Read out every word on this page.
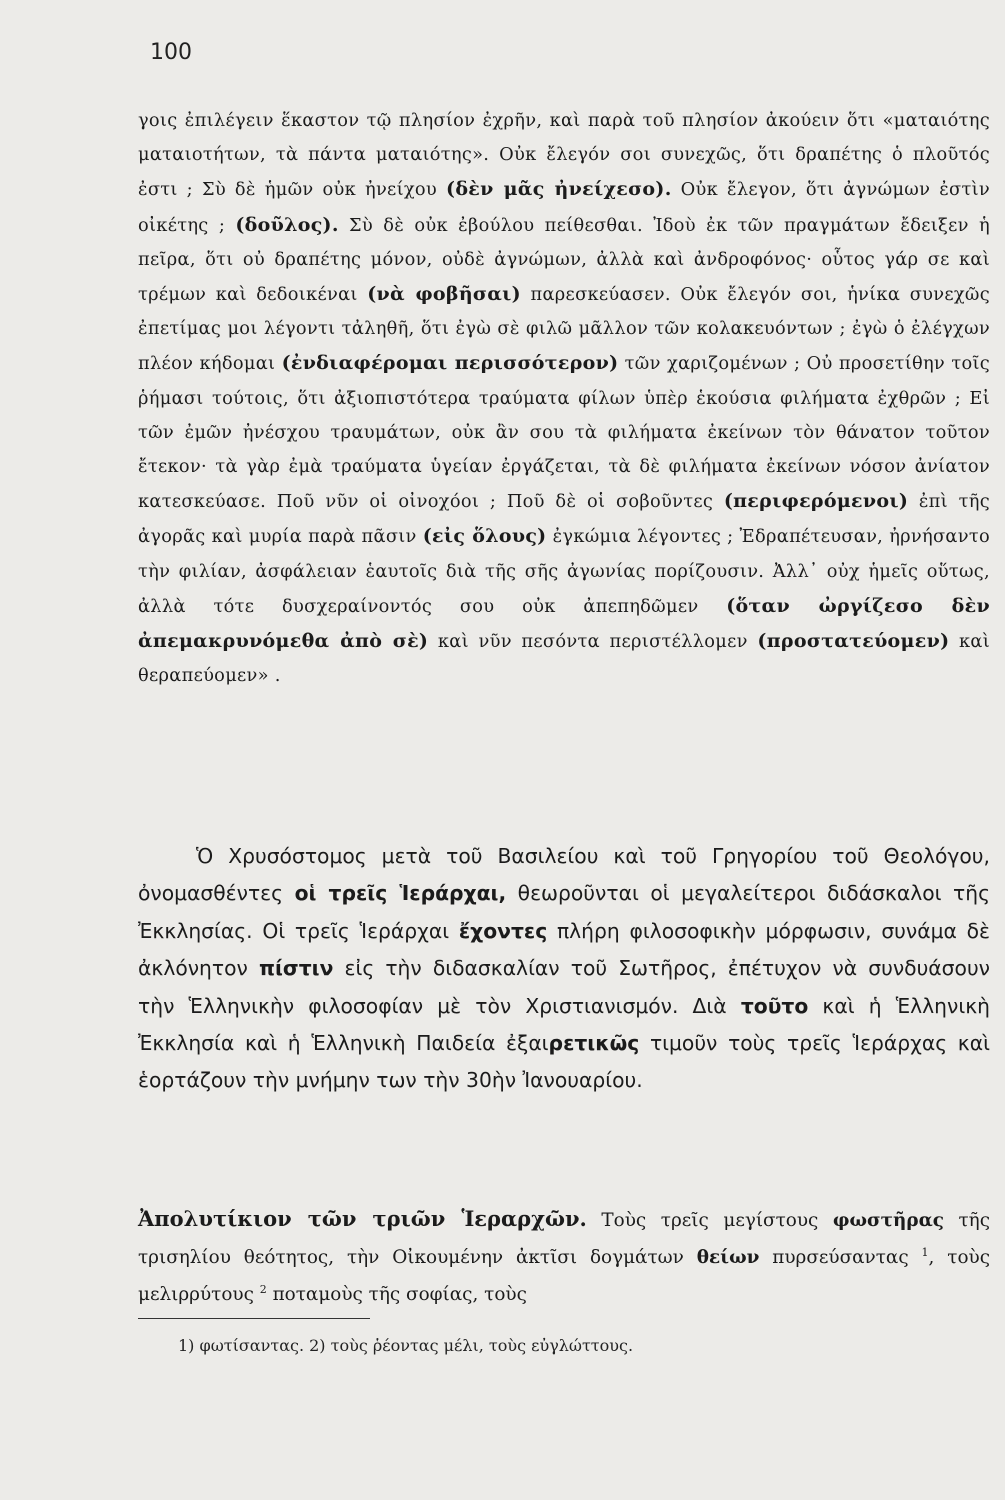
100
γοις ἐπιλέγειν ἕκαστον τῷ πλησίον ἐχρῆν, καὶ παρὰ τοῦ πλησίον ἀκούειν ὅτι «ματαιότης ματαιοτήτων, τὰ πάντα ματαιότης». Οὐκ ἔλεγόν σοι συνεχῶς, ὅτι δραπέτης ὁ πλοῦτός ἐστι ; Σὺ δὲ ἡμῶν οὐκ ἠνείχου (δὲν μᾶς ἠνείχεσο). Οὐκ ἔλεγον, ὅτι ἀγνώμων ἐστὶν οἰκέτης ; (δοῦλος). Σὺ δὲ οὐκ ἐβούλου πείθεσθαι. Ἰδοὺ ἐκ τῶν πραγμάτων ἔδειξεν ἡ πεῖρα, ὅτι οὐ δραπέτης μόνον, οὐδὲ ἀγνώμων, ἀλλὰ καὶ ἀνδροφόνος· οὗτος γάρ σε καὶ τρέμων καὶ δεδοικέναι (νὰ φοβῆσαι) παρεσκεύασεν. Οὐκ ἔλεγόν σοι, ἡνίκα συνεχῶς ἐπετίμας μοι λέγοντι τἀληθῆ, ὅτι ἐγὼ σὲ φιλῶ μᾶλλον τῶν κολακευόντων ; ἐγὼ ὁ ἐλέγχων πλέον κήδομαι (ἐνδιαφέρομαι περισσότερον) τῶν χαριζομένων ; Οὐ προσετίθην τοῖς ῥήμασι τούτοις, ὅτι ἀξιοπιστότερα τραύματα φίλων ὑπὲρ ἑκούσια φιλήματα ἐχθρῶν ; Εἰ τῶν ἐμῶν ἠνέσχου τραυμάτων, οὐκ ἂν σου τὰ φιλήματα ἐκείνων τὸν θάνατον τοῦτον ἔτεκον· τὰ γὰρ ἐμὰ τραύματα ὑγείαν ἐργάζεται, τὰ δὲ φιλήματα ἐκείνων νόσον ἀνίατον κατεσκεύασε. Ποῦ νῦν οἱ οἰνοχόοι ; Ποῦ δὲ οἱ σοβοῦντες (περιφερόμενοι) ἐπὶ τῆς ἀγορᾶς καὶ μυρία παρὰ πᾶσιν (εἰς ὅλους) ἐγκώμια λέγοντες ; Ἐδραπέτευσαν, ἠρνήσαντο τὴν φιλίαν, ἀσφάλειαν ἑαυτοῖς διὰ τῆς σῆς ἀγωνίας πορίζουσιν. Ἀλλ᾽ οὐχ ἡμεῖς οὕτως, ἀλλὰ τότε δυσχεραίνοντός σου οὐκ ἀπεπηδῶμεν (ὅταν ὠργίζεσο δὲν ἀπεμακρυνόμεθα ἀπὸ σὲ) καὶ νῦν πεσόντα περιστέλλομεν (προστατεύομεν) καὶ θεραπεύομεν» .
Ὁ Χρυσόστομος μετὰ τοῦ Βασιλείου καὶ τοῦ Γρηγορίου τοῦ Θεολόγου, ὀνομασθέντες οἱ τρεῖς Ἱεράρχαι, θεωροῦνται οἱ μεγαλείτεροι διδάσκαλοι τῆς Ἐκκλησίας. Οἱ τρεῖς Ἱεράρχαι ἔχοντες πλήρη φιλοσοφικὴν μόρφωσιν, συνάμα δὲ ἀκλόνητον πίστιν εἰς τὴν διδασκαλίαν τοῦ Σωτῆρος, ἐπέτυχον νὰ συνδυάσουν τὴν Ἑλληνικὴν φιλοσοφίαν μὲ τὸν Χριστιανισμόν. Διὰ τοῦτο καὶ ἡ Ἑλληνικὴ Ἐκκλησία καὶ ἡ Ἑλληνικὴ Παιδεία ἐξαιρετικῶς τιμοῦν τοὺς τρεῖς Ἱεράρχας καὶ ἑορτάζουν τὴν μνήμην των τὴν 30ὴν Ἰανουαρίου.
Ἀπολυτίκιον τῶν τριῶν Ἱεραρχῶν. Τοὺς τρεῖς μεγίστους φωστῆρας τῆς τρισηλίου θεότητος, τὴν Οἰκουμένην ἀκτῖσι δογμάτων θείων πυρσεύσαντας $^1$, τοὺς μελιρρύτους $^2$ ποταμοὺς τῆς σοφίας, τοὺς
1) φωτίσαντας. 2) τοὺς ῥέοντας μέλι, τοὺς εὐγλώττους.
